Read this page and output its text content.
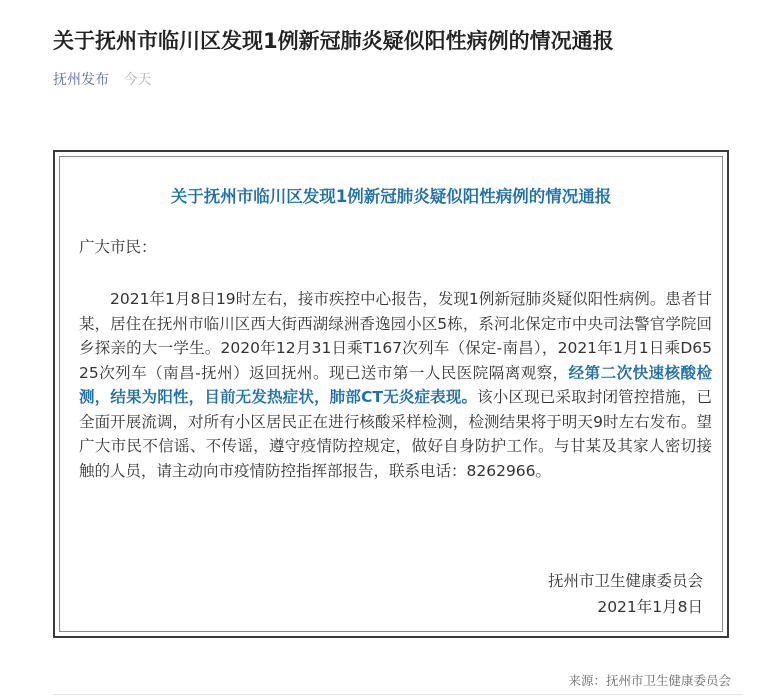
关于抚州市临川区发现1例新冠肺炎疑似阳性病例的情况通报
抚州发布 今天
关于抚州市临川区发现1例新冠肺炎疑似阳性病例的情况通报
广大市民：

2021年1月8日19时左右，接市疾控中心报告，发现1例新冠肺炎疑似阳性病例。患者甘某，居住在抚州市临川区西大街西湖绿洲香逸园小区5栋，系河北保定市中央司法警官学院回乡探亲的大一学生。2020年12月31日乘T167次列车（保定-南昌），2021年1月1日乘D6525次列车（南昌-抚州）返回抚州。现已送市第一人民医院隔离观察，经第二次快速核酸检测，结果为阳性，目前无发热症状，肺部CT无炎症表现。该小区现已采取封闭管控措施，已全面开展流调，对所有小区居民正在进行核酸采样检测，检测结果将于明天9时左右发布。望广大市民不信谣、不传谣，遵守疫情防控规定，做好自身防护工作。与甘某及其家人密切接触的人员，请主动向市疫情防控指挥部报告，联系电话：8262966。

抚州市卫生健康委员会
2021年1月8日
来源：抚州市卫生健康委员会
